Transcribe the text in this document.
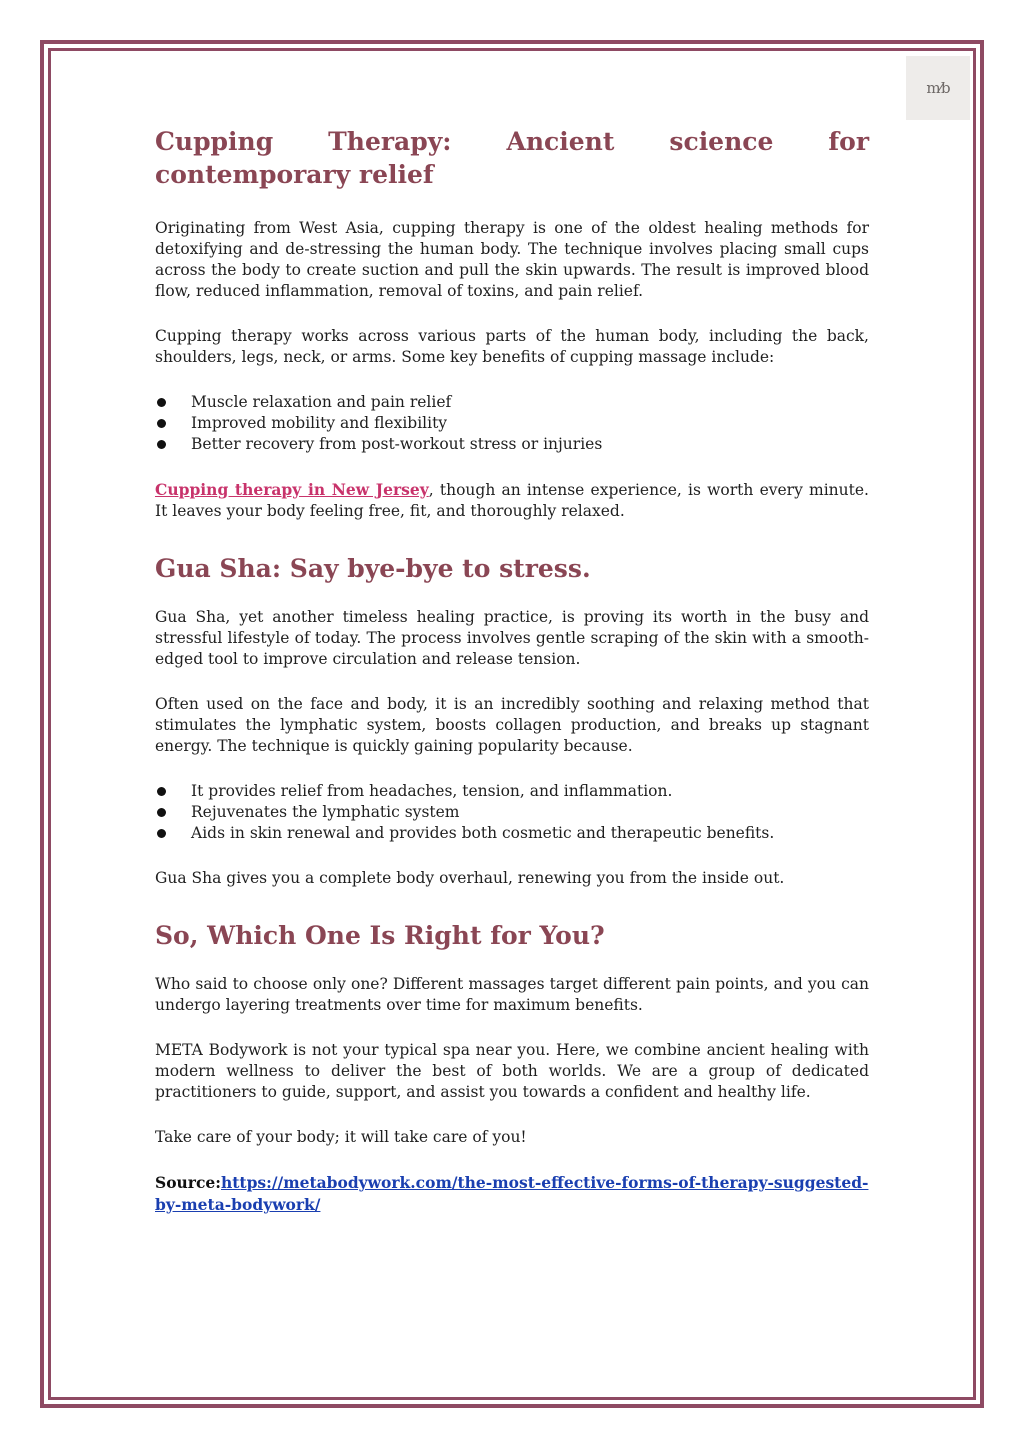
m⁄b
Cupping Therapy: Ancient science for contemporary relief

Originating from West Asia, cupping therapy is one of the oldest healing methods for detoxifying and de-stressing the human body. The technique involves placing small cups across the body to create suction and pull the skin upwards. The result is improved blood flow, reduced inflammation, removal of toxins, and pain relief.

Cupping therapy works across various parts of the human body, including the back, shoulders, legs, neck, or arms. Some key benefits of cupping massage include:

Muscle relaxation and pain relief
Improved mobility and flexibility
Better recovery from post-workout stress or injuries

Cupping therapy in New Jersey, though an intense experience, is worth every minute. It leaves your body feeling free, fit, and thoroughly relaxed.

Gua Sha: Say bye-bye to stress.

Gua Sha, yet another timeless healing practice, is proving its worth in the busy and stressful lifestyle of today. The process involves gentle scraping of the skin with a smooth-edged tool to improve circulation and release tension.

Often used on the face and body, it is an incredibly soothing and relaxing method that stimulates the lymphatic system, boosts collagen production, and breaks up stagnant energy. The technique is quickly gaining popularity because.

It provides relief from headaches, tension, and inflammation.
Rejuvenates the lymphatic system
Aids in skin renewal and provides both cosmetic and therapeutic benefits.

Gua Sha gives you a complete body overhaul, renewing you from the inside out.

So, Which One Is Right for You?

Who said to choose only one? Different massages target different pain points, and you can undergo layering treatments over time for maximum benefits.

META Bodywork is not your typical spa near you. Here, we combine ancient healing with modern wellness to deliver the best of both worlds. We are a group of dedicated practitioners to guide, support, and assist you towards a confident and healthy life.

Take care of your body; it will take care of you!

Source:https://metabodywork.com/the-most-effective-forms-of-therapy-suggested-by-meta-bodywork/
